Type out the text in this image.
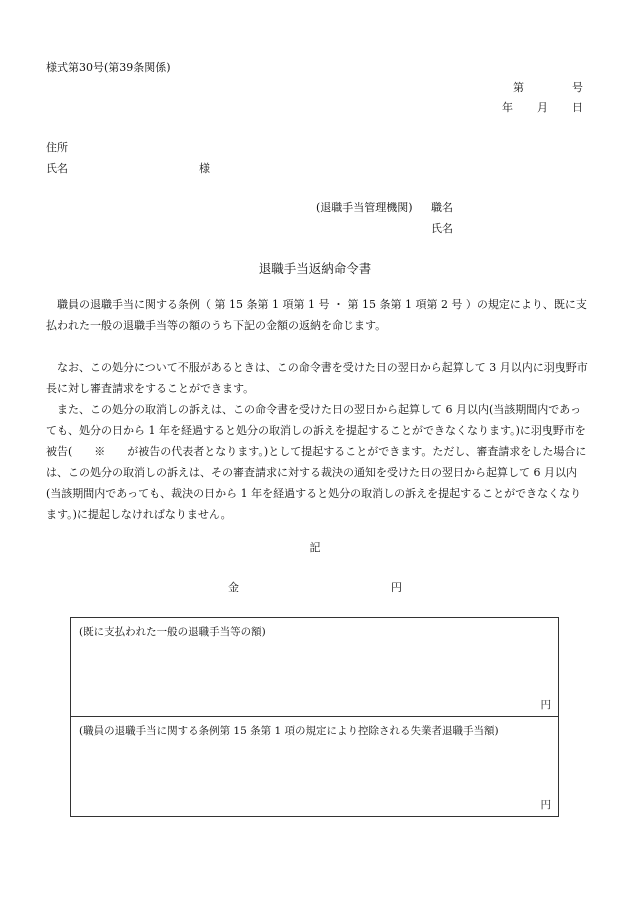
様式第30号(第39条関係)
第	号
年 月 日
住所
氏名	様
(退職手当管理機関) 職名
氏名
退職手当返納命令書

職員の退職手当に関する条例（ 第 15 条第 1 項第 1 号 ・ 第 15 条第 1 項第 2 号 ）の規定により、既に支払われた一般の退職手当等の額のうち下記の金額の返納を命じます。

なお、この処分について不服があるときは、この命令書を受けた日の翌日から起算して 3 月以内に羽曳野市長に対し審査請求をすることができます。

また、この処分の取消しの訴えは、この命令書を受けた日の翌日から起算して 6 月以内(当該期間内であっても、処分の日から 1 年を経過すると処分の取消しの訴えを提起することができなくなります。)に羽曳野市を被告(　　※　　が被告の代表者となります。)として提起することができます。ただし、審査請求をした場合には、この処分の取消しの訴えは、その審査請求に対する裁決の通知を受けた日の翌日から起算して 6 月以内(当該期間内であっても、裁決の日から 1 年を経過すると処分の取消しの訴えを提起することができなくなります。)に提起しなければなりません。

記
金	円
(既に支払われた一般の退職手当等の額)
円
(職員の退職手当に関する条例第 15 条第 1 項の規定により控除される失業者退職手当額)
円
